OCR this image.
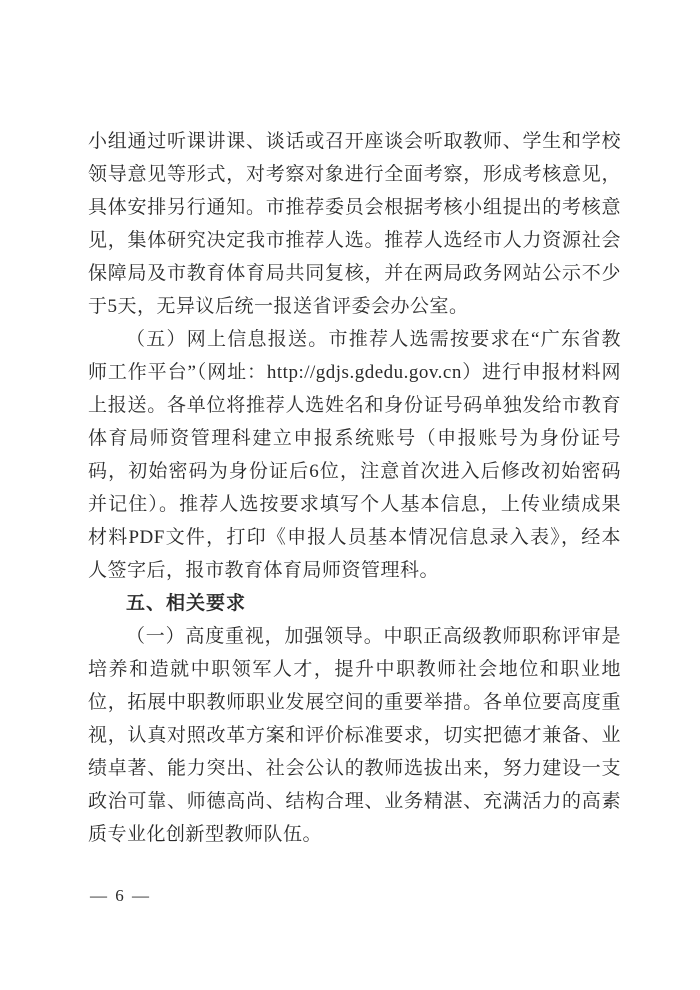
小组通过听课讲课、谈话或召开座谈会听取教师、学生和学校领导意见等形式，对考察对象进行全面考察，形成考核意见，具体安排另行通知。市推荐委员会根据考核小组提出的考核意见，集体研究决定我市推荐人选。推荐人选经市人力资源社会保障局及市教育体育局共同复核，并在两局政务网站公示不少于5天，无异议后统一报送省评委会办公室。

（五）网上信息报送。市推荐人选需按要求在“广东省教师工作平台”（网址：http://gdjs.gdedu.gov.cn）进行申报材料网上报送。各单位将推荐人选姓名和身份证号码单独发给市教育体育局师资管理科建立申报系统账号（申报账号为身份证号码，初始密码为身份证后6位，注意首次进入后修改初始密码并记住）。推荐人选按要求填写个人基本信息，上传业绩成果材料PDF文件，打印《申报人员基本情况信息录入表》，经本人签字后，报市教育体育局师资管理科。

五、相关要求

（一）高度重视，加强领导。中职正高级教师职称评审是培养和造就中职领军人才，提升中职教师社会地位和职业地位，拓展中职教师职业发展空间的重要举措。各单位要高度重视，认真对照改革方案和评价标准要求，切实把德才兼备、业绩卓著、能力突出、社会公认的教师选拔出来，努力建设一支政治可靠、师德高尚、结构合理、业务精湛、充满活力的高素质专业化创新型教师队伍。

— 6 —
